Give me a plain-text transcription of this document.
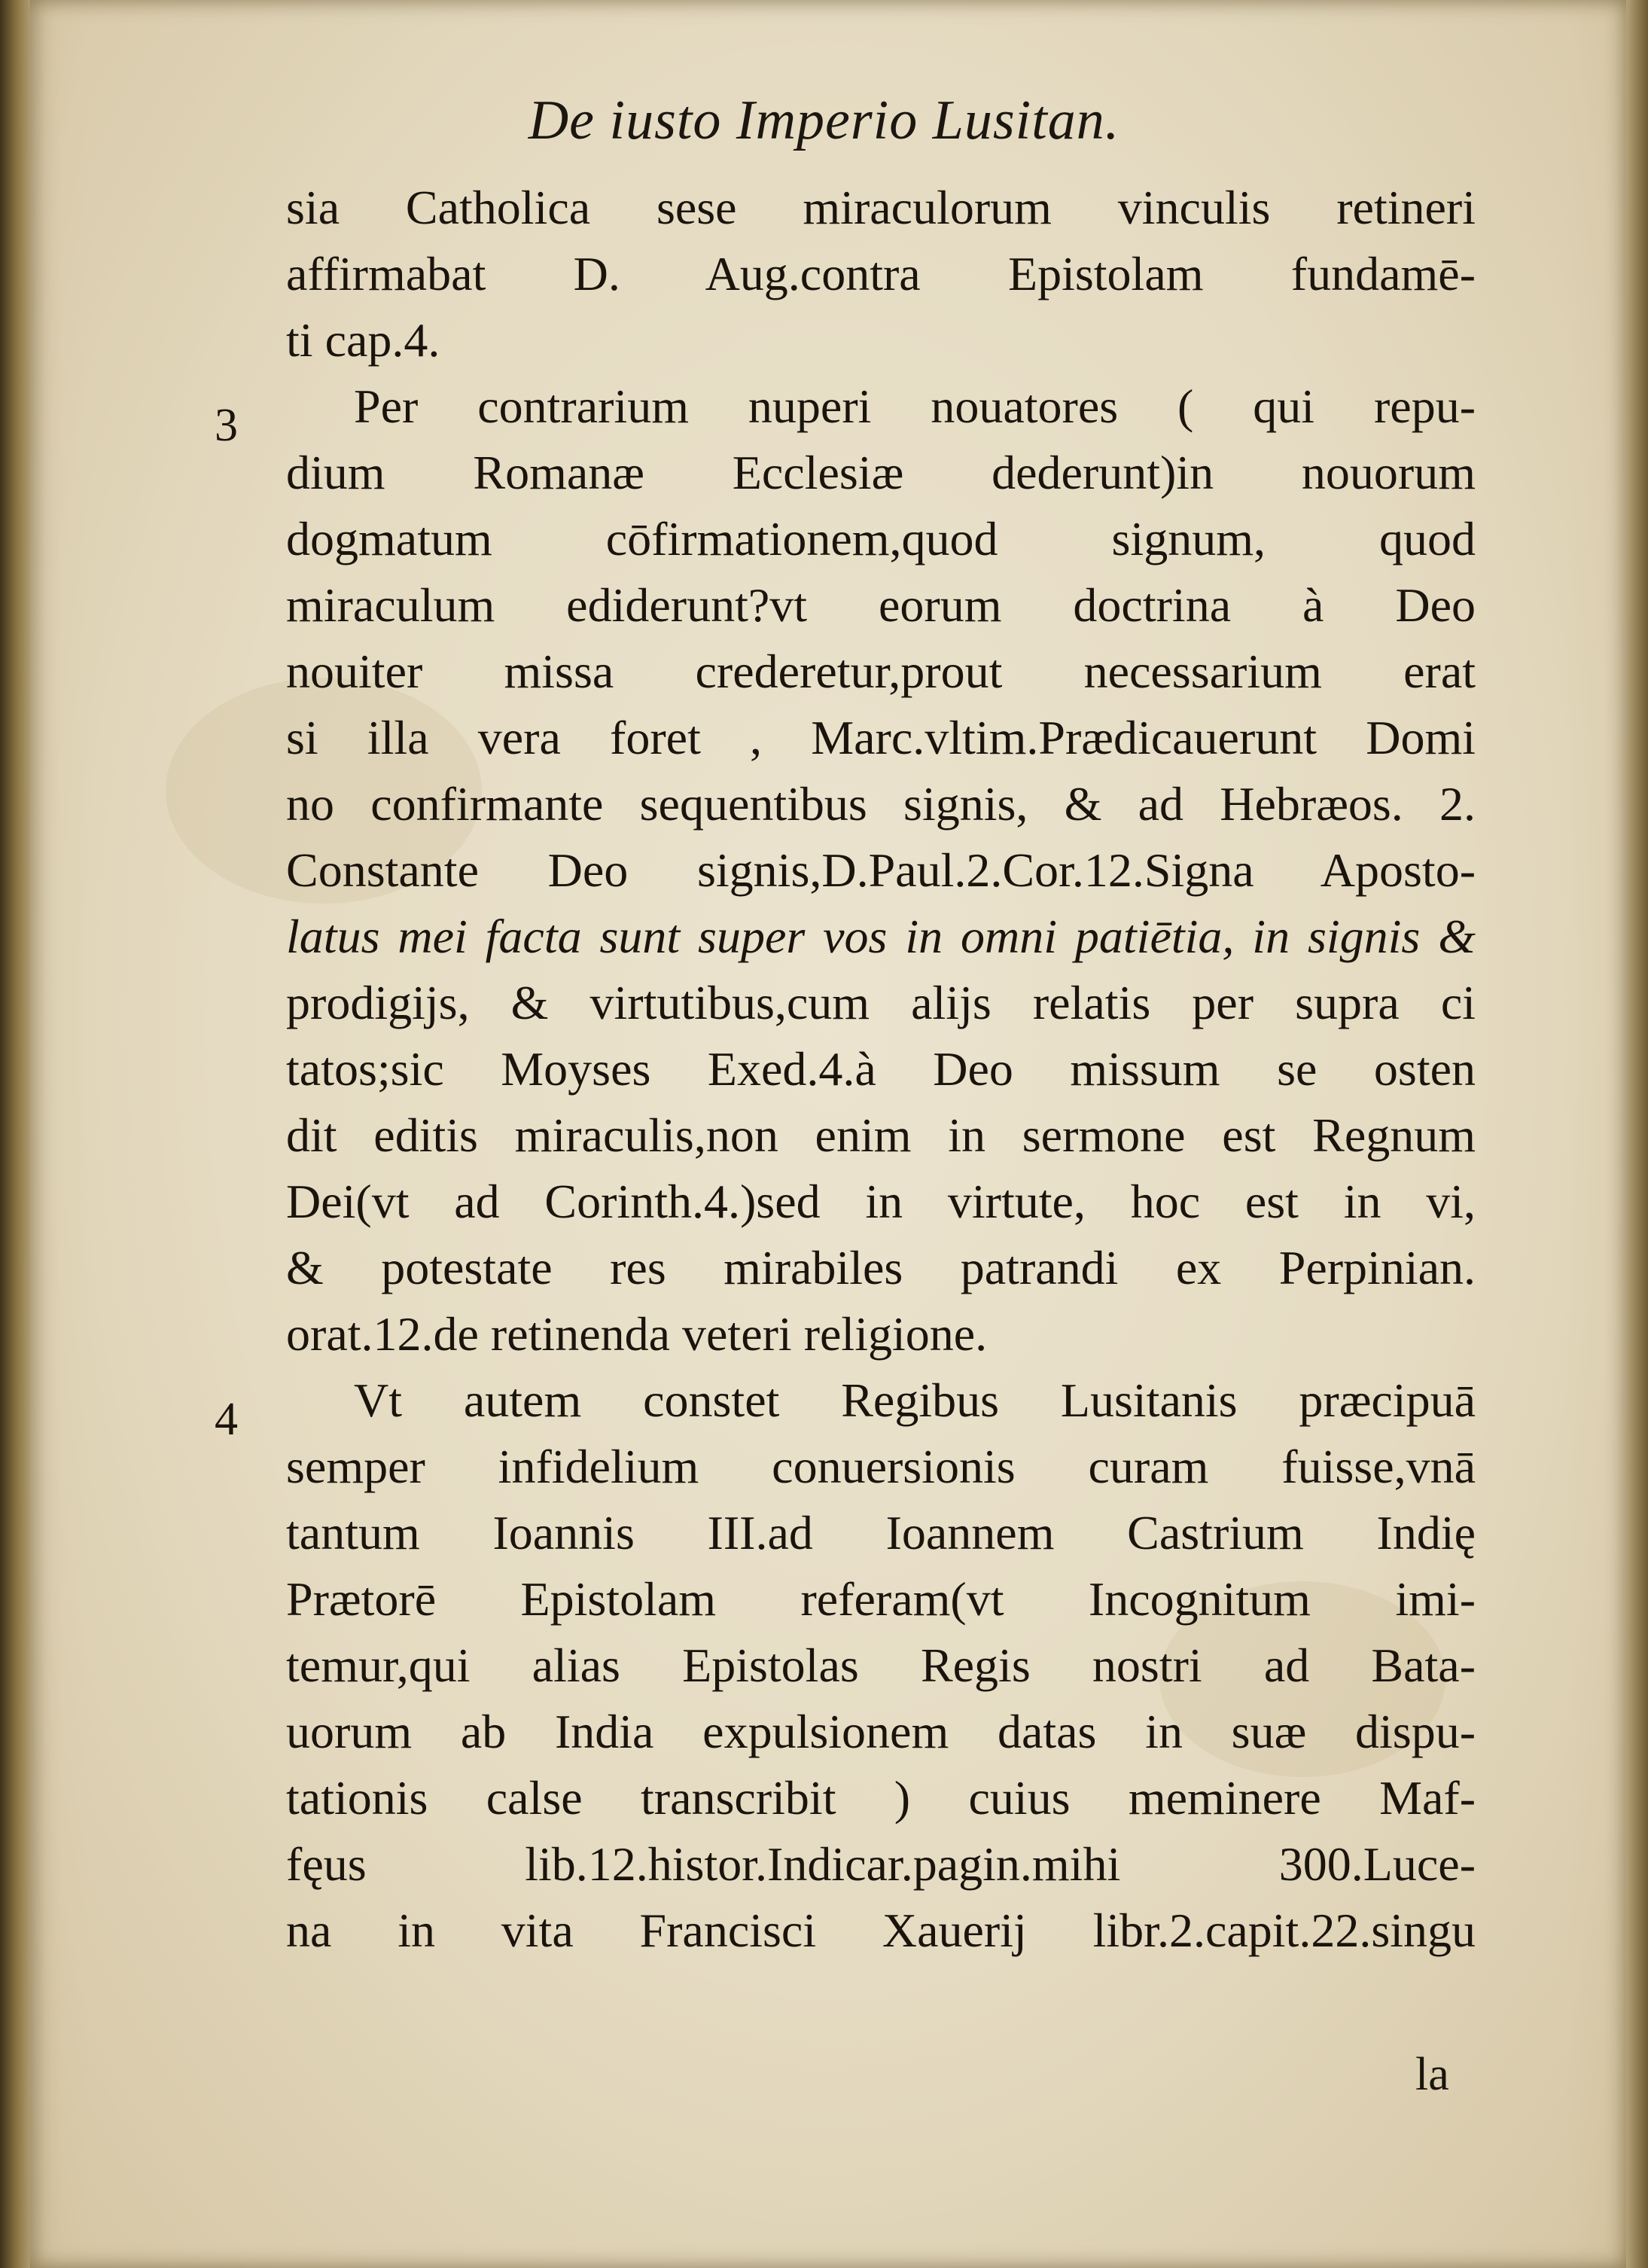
De iusto Imperio Lusitan.
3
4
sia Catholica sese miraculorum vinculis retineri
affirmabat D. Aug.contra Epistolam fundamē-
ti cap.4.
Per contrarium nuperi nouatores ( qui repu-
dium Romanæ Ecclesiæ dederunt)in nouorum
dogmatum cōfirmationem,quod signum, quod
miraculum ediderunt?vt eorum doctrina à Deo
nouiter missa crederetur,prout necessarium erat
si illa vera foret , Marc.vltim.Prædicauerunt Domi
no confirmante sequentibus signis, & ad Hebræos. 2.
Constante Deo signis,D.Paul.2.Cor.12.Signa Aposto-
latus mei facta sunt super vos in omni patiētia, in signis &
prodigijs, & virtutibus,cum alijs relatis per supra ci
tatos;sic Moyses Exed.4.à Deo missum se osten
dit editis miraculis,non enim in sermone est Regnum
Dei(vt ad Corinth.4.)sed in virtute, hoc est in vi,
& potestate res mirabiles patrandi ex Perpinian.
orat.12.de retinenda veteri religione.
Vt autem constet Regibus Lusitanis præcipuā
semper infidelium conuersionis curam fuisse,vnā
tantum Ioannis III.ad Ioannem Castrium Indię
Prætorē Epistolam referam(vt Incognitum imi-
temur,qui alias Epistolas Regis nostri ad Bata-
uorum ab India expulsionem datas in suæ dispu-
tationis calse transcribit ) cuius meminere Maf-
fęus lib.12.histor.Indicar.pagin.mihi 300.Luce-
na in vita Francisci Xauerij libr.2.capit.22.singu
la
